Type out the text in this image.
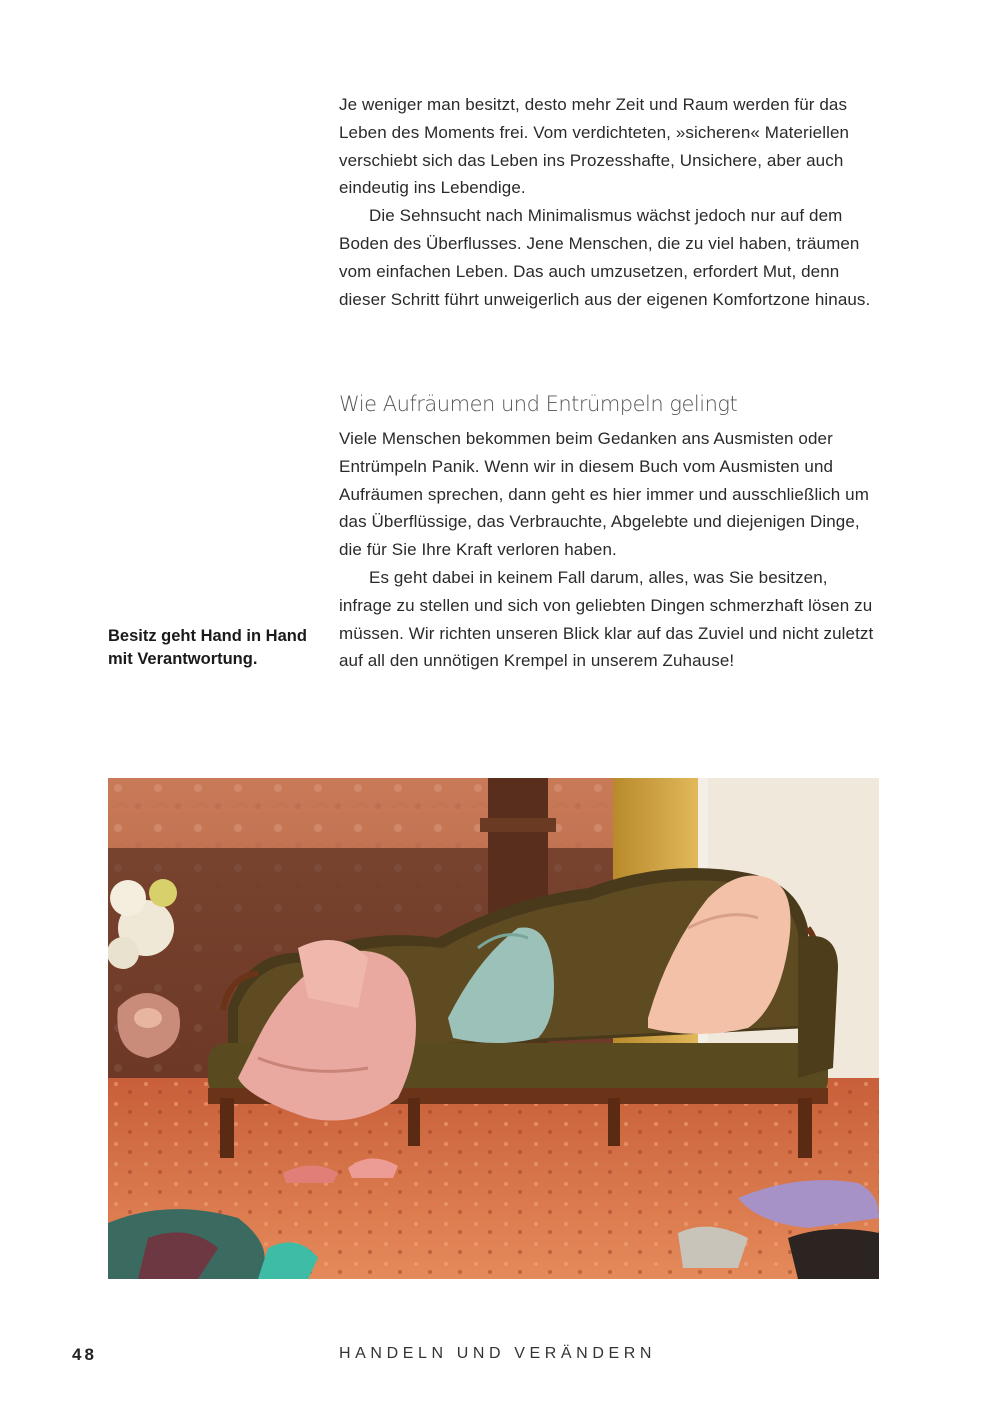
Je weniger man besitzt, desto mehr Zeit und Raum werden für das Leben des Moments frei. Vom verdichteten, »sicheren« Materiellen verschiebt sich das Leben ins Prozesshafte, Unsichere, aber auch eindeutig ins Lebendige.

Die Sehnsucht nach Minimalismus wächst jedoch nur auf dem Boden des Überflusses. Jene Menschen, die zu viel haben, träumen vom einfachen Leben. Das auch umzusetzen, erfordert Mut, denn dieser Schritt führt unweigerlich aus der eigenen Komfortzone hinaus.

Wie Aufräumen und Entrümpeln gelingt

Viele Menschen bekommen beim Gedanken ans Ausmisten oder Entrümpeln Panik. Wenn wir in diesem Buch vom Ausmisten und Aufräumen sprechen, dann geht es hier immer und ausschließlich um das Überflüssige, das Verbrauchte, Abgelebte und diejenigen Dinge, die für Sie Ihre Kraft verloren haben.

Es geht dabei in keinem Fall darum, alles, was Sie besitzen, infrage zu stellen und sich von geliebten Dingen schmerzhaft lösen zu müssen. Wir richten unseren Blick klar auf das Zuviel und nicht zuletzt auf all den unnötigen Krempel in unserem Zuhause!

Besitz geht Hand in Hand mit Verantwortung.
48	HANDELN UND VERÄNDERN
